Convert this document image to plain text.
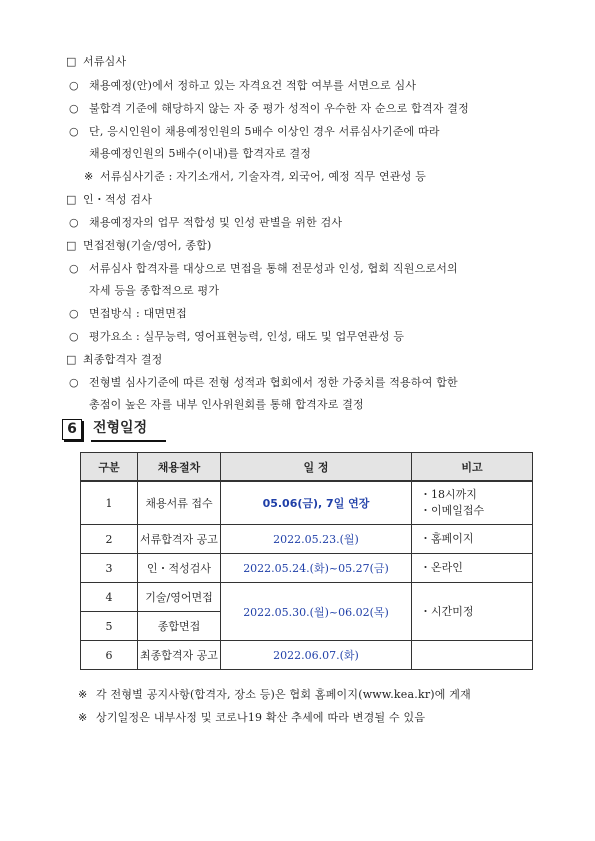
□ 서류심사
○ 채용예정(안)에서 정하고 있는 자격요건 적합 여부를 서면으로 심사
○ 불합격 기준에 해당하지 않는 자 중 평가 성적이 우수한 자 순으로 합격자 결정
○ 단, 응시인원이 채용예정인원의 5배수 이상인 경우 서류심사기준에 따라
채용예정인원의 5배수(이내)를 합격자로 결정
※ 서류심사기준 : 자기소개서, 기술자격, 외국어, 예정 직무 연관성 등
□ 인・적성 검사
○ 채용예정자의 업무 적합성 및 인성 판별을 위한 검사
□ 면접전형(기술/영어, 종합)
○ 서류심사 합격자를 대상으로 면접을 통해 전문성과 인성, 협회 직원으로서의
자세 등을 종합적으로 평가
○ 면접방식 : 대면면접
○ 평가요소 : 실무능력, 영어표현능력, 인성, 태도 및 업무연관성 등
□ 최종합격자 결정
○ 전형별 심사기준에 따른 전형 성적과 협회에서 정한 가중치를 적용하여 합한
총점이 높은 자를 내부 인사위원회를 통해 합격자로 결정
6	전형일정
구분	채용절차	일 정	비고
1	채용서류 접수	05.06(금), 7일 연장	・18시까지
・이메일접수

2	서류합격자 공고	2022.05.23.(월)	・홈페이지
3	인・적성검사	2022.05.24.(화)~05.27(금)	・온라인
4	기술/영어면접	2022.05.30.(월)~06.02(목)	・시간미정
5	종합면접		
6	최종합격자 공고	2022.06.07.(화)	
※ 각 전형별 공지사항(합격자, 장소 등)은 협회 홈페이지(www.kea.kr)에 게재
※ 상기일정은 내부사정 및 코로나19 확산 추세에 따라 변경될 수 있음
